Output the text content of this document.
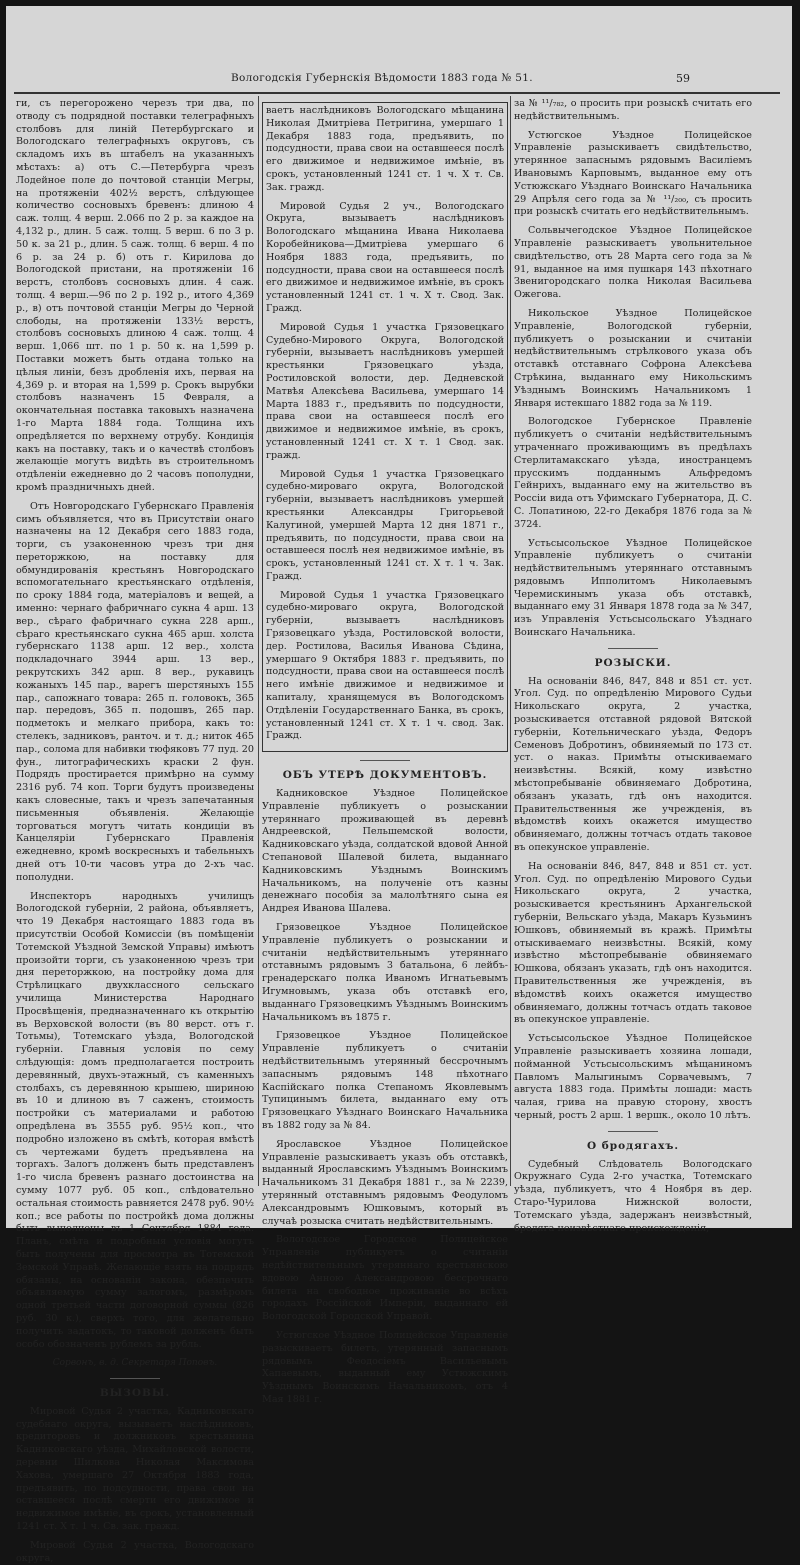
Вологодскія Губернскія Вѣдомости 1883 года № 51.	59

ги, съ перегорожено черезъ три два, по отводу съ подрядной поставки телеграфныхъ столбовъ для линій Петербургскаго и Вологодскаго телеграфныхъ округовъ, съ складомъ ихъ въ штабелъ на указанныхъ мѣстахъ: а) отъ С.—Петербурга чрезъ Лодейное поле до почтовой станціи Мегры, на протяженіи 402½ верстъ, слѣдующее количество сосновыхъ бревенъ: длиною 4 саж. толщ. 4 верш. 2.066 по 2 р. за каждое на 4,132 р., длин. 5 саж. толщ. 5 верш. 6 по 3 р. 50 к. за 21 р., длин. 5 саж. толщ. 6 верш. 4 по 6 р. за 24 р. б) отъ г. Кирилова до Вологодской пристани, на протяженіи 16 верстъ, столбовъ сосновыхъ длин. 4 саж. толщ. 4 верш.—96 по 2 р. 192 р., итого 4,369 р., в) отъ почтовой станціи Мегры до Черной слободы, на протяженіи 133½ верстъ, столбовъ сосновыхъ длиною 4 саж. толщ. 4 верш. 1,066 шт. по 1 р. 50 к. на 1,599 р. Поставки можетъ быть отдана только на цѣлыя линіи, безъ дробленія ихъ, первая на 4,369 р. и вторая на 1,599 р. Срокъ вырубки столбовъ назначенъ 15 Февраля, а окончательная поставка таковыхъ назначена 1-го Марта 1884 года. Толщина ихъ опредѣляется по верхнему отрубу. Кондиція какъ на поставку, такъ и о качествѣ столбовъ желающіе могутъ видѣть въ строительномъ отдѣленіи ежедневно до 2 часовъ пополудни, кромѣ праздничныхъ дней.

Отъ Новгородскаго Губернскаго Правленія симъ объявляется, что въ Присутствіи онаго назначены на 12 Декабря сего 1883 года, торги, съ узаконенною чрезъ три дня переторжкою, на поставку для обмундированія крестьянъ Новгородскаго вспомогательнаго крестьянскаго отдѣленія, по сроку 1884 года, матеріаловъ и вещей, а именно: чернаго фабричнаго сукна 4 арш. 13 вер., сѣраго фабричнаго сукна 228 арш., сѣраго крестьянскаго сукна 465 арш. холста губернскаго 1138 арш. 12 вер., холста подкладочнаго 3944 арш. 13 вер., рекрутскихъ 342 арш. 8 вер., рукавицъ кожаныхъ 145 пар., варегъ шерстяныхъ 155 пар., сапожнаго товара: 265 п. головокъ, 365 пар. передовъ, 365 п. подошвъ, 265 пар. подметокъ и мелкаго прибора, какъ то: стелекъ, задниковъ, ранточ. и т. д.; ниток 465 пар., солома для набивки тюфяковъ 77 пуд. 20 фун., литографическихъ краски 2 фун. Подрядъ простирается примѣрно на сумму 2316 руб. 74 коп. Торги будутъ произведены какъ словесные, такъ и чрезъ запечатанныя письменныя объявленія. Желающіе торговаться могутъ читать кондиціи въ Канцеляріи Губернскаго Правленія ежедневно, кромѣ воскресныхъ и табельныхъ дней отъ 10-ти часовъ утра до 2-хъ час. пополудни.

Инспекторъ народныхъ училищъ Вологодской губерніи, 2 района, объявляетъ, что 19 Декабря настоящаго 1883 года въ присутствіи Особой Комиссіи (въ помѣщеніи Тотемской Уѣздной Земской Управы) имѣютъ произойти торги, съ узаконенною чрезъ три дня переторжкою, на постройку дома для Стрѣлицкаго двухклассного сельскаго училища Министерства Народнаго Просвѣщенія, предназначеннаго къ открытію въ Верховской волости (въ 80 верст. отъ г. Тотьмы), Тотемскаго уѣзда, Вологодской губерніи. Главныя условія по сему слѣдующія: домъ предполагается построить деревянный, двухъ-этажный, съ каменныхъ столбахъ, съ деревянною крышею, шириною въ 10 и длиною въ 7 саженъ, стоимость постройки съ материалами и работою опредѣлена въ 3555 руб. 95½ коп., что подробно изложено въ смѣтѣ, которая вмѣстѣ съ чертежами будетъ предъявлена на торгахъ. Залогъ долженъ быть представленъ 1-го числа бревенъ разнаго достоинства на сумму 1077 руб. 05 коп., слѣдовательно остальная стоимость равняется 2478 руб. 90½ коп.; все работы по постройкѣ дома должны быть выполнены въ 1 Сентября 1884 года. Планъ, смѣта и подробныя условія могутъ быть получены для просмотра въ Тотемской Земской Управѣ. Желающіе взять на подрядъ обязаны, на основаніи закона, обезпечить объявляемую сумму залогомъ, размѣромъ одной третьей части договорной суммы (826 руб. 30 к.), сверхъ того, для желательно получить задатокъ, то таковой долженъ быть особо обозначенъ рублемъ за рубль.

Сорвонъ, в. д. Секретаря Поповъ.
ВЫЗОВЫ.

Мировой Судья 2 участка, Кадниковскаго судебнаго округа, вызываетъ наслѣдниковъ, кредиторовъ и должниковъ крестьянина Кадниковскаго уѣзда, Михайловской волости, деревни Шилкова Николая Максимова Хахова, умершаго 27 Октября 1883 года, предъявить, по подсудности, права свои на оставшееся послѣ смерти его движимое и недвижимое имѣніе, въ срокъ, установленный 1241 ст. Х т. 1 ч. Св. зак. гражд.

Мировой Судья 2 участка, Вологодскаго округа,

ваетъ наслѣдниковъ Вологодскаго мѣщанина Николая Дмитріева Петригина, умершаго 1 Декабря 1883 года, предъявить, по подсудности, права свои на оставшееся послѣ его движимое и недвижимое имѣніе, въ срокъ, установленный 1241 ст. 1 ч. Х т. Св. Зак. гражд.

Мировой Судья 2 уч., Вологодскаго Округа, вызываетъ наслѣдниковъ Вологодскаго мѣщанина Ивана Николаева Коробейникова—Дмитріева умершаго 6 Ноября 1883 года, предъявить, по подсудности, права свои на оставшееся послѣ его движимое и недвижимое имѣніе, въ срокъ установленный 1241 ст. 1 ч. Х т. Свод. Зак. Гражд.

Мировой Судья 1 участка Грязовецкаго Судебно-Мирового Округа, Вологодской губерніи, вызываетъ наслѣдниковъ умершей крестьянки Грязовецкаго уѣзда, Ростиловской волости, дер. Дедневской Матвѣя Алексѣева Васильева, умершаго 14 Марта 1883 г., предъявить по подсудности, права свои на оставшееся послѣ его движимое и недвижимое имѣніе, въ срокъ, установленный 1241 ст. Х т. 1 Свод. зак. гражд.

Мировой Судья 1 участка Грязовецкаго судебно-мироваго округа, Вологодской губерніи, вызываетъ наслѣдниковъ умершей крестьянки Александры Григорьевой Калугиной, умершей Марта 12 дня 1871 г., предъявить, по подсудности, права свои на оставшееся послѣ нея недвижимое имѣніе, въ срокъ, установленный 1241 ст. Х т. 1 ч. Зак. Гражд.

Мировой Судья 1 участка Грязовецкаго судебно-мироваго округа, Вологодской губерніи, вызываетъ наслѣдниковъ Грязовецкаго уѣзда, Ростиловской волости, дер. Ростилова, Василья Иванова Сѣдина, умершаго 9 Октября 1883 г. предъявить, по подсудности, права свои на оставшееся послѣ него имѣніе движимое и недвижимое и капиталу, хранящемуся въ Вологодскомъ Отдѣленіи Государственнаго Банка, въ срокъ, установленный 1241 ст. Х т. 1 ч. свод. Зак. Гражд.

ОБЪ УТЕРѢ ДОКУМЕНТОВЪ.

Кадниковское Уѣздное Полицейское Управленіе публикуетъ о розыскании утеряннаго проживающей въ деревнѣ Андреевской, Пельшемской волости, Кадниковскаго уѣзда, солдатской вдовой Анной Степановой Шалевой билета, выданнаго Кадниковскимъ Уѣзднымъ Воинскимъ Начальникомъ, на полученіе отъ казны денежнаго пособія за малолѣтняго сына ея Андрея Иванова Шалева.

Грязовецкое Уѣздное Полицейское Управленіе публикуетъ о розыскании и считаніи недѣйствительнымъ утеряннаго отставнымъ рядовымъ 3 батальона, 6 лейбъ-гренадерскаго полка Иваномъ Игнатьевымъ Игумновымъ, указа объ отставкѣ его, выданнаго Грязовецкимъ Уѣзднымъ Воинскимъ Начальникомъ въ 1875 г.

Грязовецкое Уѣздное Полицейское Управленіе публикуетъ о считаніи недѣйствительнымъ утерянный бессрочнымъ запаснымъ рядовымъ 148 пѣхотнаго Каспійскаго полка Степаномъ Яковлевымъ Тупицинымъ билета, выданнаго ему отъ Грязовецкаго Уѣзднаго Воинскаго Начальника въ 1882 году за № 84.

Ярославское Уѣздное Полицейское Управленіе разыскиваетъ указъ объ отставкѣ, выданный Ярославскимъ Уѣзднымъ Воинскимъ Начальникомъ 31 Декабря 1881 г., за № 2239, утерянный отставнымъ рядовымъ Феодуломъ Александровымъ Юшковымъ, который въ случаѣ розыска считать недѣйствительнымъ.

Вологодское Городское Полицейское Управленіе публикуетъ о считаніи недѣйствительнымъ утеряннаго крестьянскою вдовою Анною Александровою бессрочнаго билета на свободное проживаніе во всѣхъ городахъ Россійской Имперіи, выданнаго ей Вологодской Городской Управой.

Устюгское Уѣздное Полицейское Управленіе разыскиваетъ билетъ, утерянный запаснымъ рядовымъ Феодосіемъ Васильевымъ Хапаевымъ, выданный ему Устюжскимъ Уѣзднымъ Воинскимъ Начальникомъ, отъ 4 Мая 1881 г.

за № ¹¹/₇₈₂, о просить при розыскѣ считать его недѣйствительнымъ.

Устюгское Уѣздное Полицейское Управленіе разыскиваетъ свидѣтельство, утерянное запаснымъ рядовымъ Василіемъ Ивановымъ Карповымъ, выданное ему отъ Устюжскаго Уѣзднаго Воинскаго Начальника 29 Апрѣля сего года за № ¹¹/₂₀₀, съ просить при розыскѣ считать его недѣйствительнымъ.

Сольвычегодское Уѣздное Полицейское Управленіе разыскиваетъ увольнительное свидѣтельство, отъ 28 Марта сего года за № 91, выданное на имя пушкаря 143 пѣхотнаго Звенигородскаго полка Николая Васильева Ожегова.

Никольское Уѣздное Полицейское Управленіе, Вологодской губерніи, публикуетъ о розыскании и считаніи недѣйствительнымъ стрѣлкового указа объ отставкѣ отставнаго Софрона Алексѣева Стрѣкина, выданнаго ему Никольскимъ Уѣзднымъ Воинскимъ Начальникомъ 1 Января истекшаго 1882 года за № 119.

Вологодское Губернское Правленіе публикуетъ о считаніи недѣйствительнымъ утраченнаго проживающимъ въ предѣлахъ Стерлитамакскаго уѣзда, иностранцемъ прусскимъ подданнымъ Альфредомъ Гейнрихъ, выданнаго ему на жительство въ Россіи вида отъ Уфимскаго Губернатора, Д. С. С. Лопатиною, 22-го Декабря 1876 года за № 3724.

Устьсысольское Уѣздное Полицейское Управленіе публикуетъ о считаніи недѣйствительнымъ утеряннаго отставнымъ рядовымъ Ипполитомъ Николаевымъ Черемискинымъ указа объ отставкѣ, выданнаго ему 31 Января 1878 года за № 347, изъ Управленія Устьсысольскаго Уѣзднаго Воинскаго Начальника.

РОЗЫСКИ.

На основаніи 846, 847, 848 и 851 ст. уст. Угол. Суд. по опредѣленію Мирового Судьи Никольскаго округа, 2 участка, розыскивается отставной рядовой Вятской губерніи, Котельническаго уѣзда, Федоръ Семеновъ Добротинъ, обвиняемый по 173 ст. уст. о наказ. Примѣты отыскиваемаго неизвѣстны. Всякій, кому извѣстно мѣстопребываніе обвиняемаго Добротина, обязанъ указать, гдѣ онъ находится. Правительственныя же учрежденія, въ вѣдомствѣ коихъ окажется имущество обвиняемаго, должны тотчасъ отдать таковое въ опекунское управленіе.

На основаніи 846, 847, 848 и 851 ст. уст. Угол. Суд. по опредѣленію Мирового Судьи Никольскаго округа, 2 участка, розыскивается крестьянинъ Архангельской губерніи, Вельскаго уѣзда, Макаръ Кузьминъ Юшковъ, обвиняемый въ кражѣ. Примѣты отыскиваемаго неизвѣстны. Всякій, кому извѣстно мѣстопребываніе обвиняемаго Юшкова, обязанъ указать, гдѣ онъ находится. Правительственныя же учрежденія, въ вѣдомствѣ коихъ окажется имущество обвиняемаго, должны тотчасъ отдать таковое въ опекунское управленіе.

Устьсысольское Уѣздное Полицейское Управленіе разыскиваетъ хозяина лошади, пойманной Устьсысольскимъ мѣщаниномъ Павломъ Малыгинымъ Сорвачевымъ, 7 августа 1883 года. Примѣты лошади: масть чалая, грива на правую сторону, хвостъ черный, ростъ 2 арш. 1 вершк., около 10 лѣтъ.

О бродягахъ.

Судебный Слѣдователь Вологодскаго Окружнаго Суда 2-го участка, Тотемскаго уѣзда, публикуетъ, что 4 Ноября въ дер. Старо-Чурилова Нижнской волости, Тотемскаго уѣзда, задержанъ неизвѣстный, бродяга неизвѣстнаго происхожденія,
